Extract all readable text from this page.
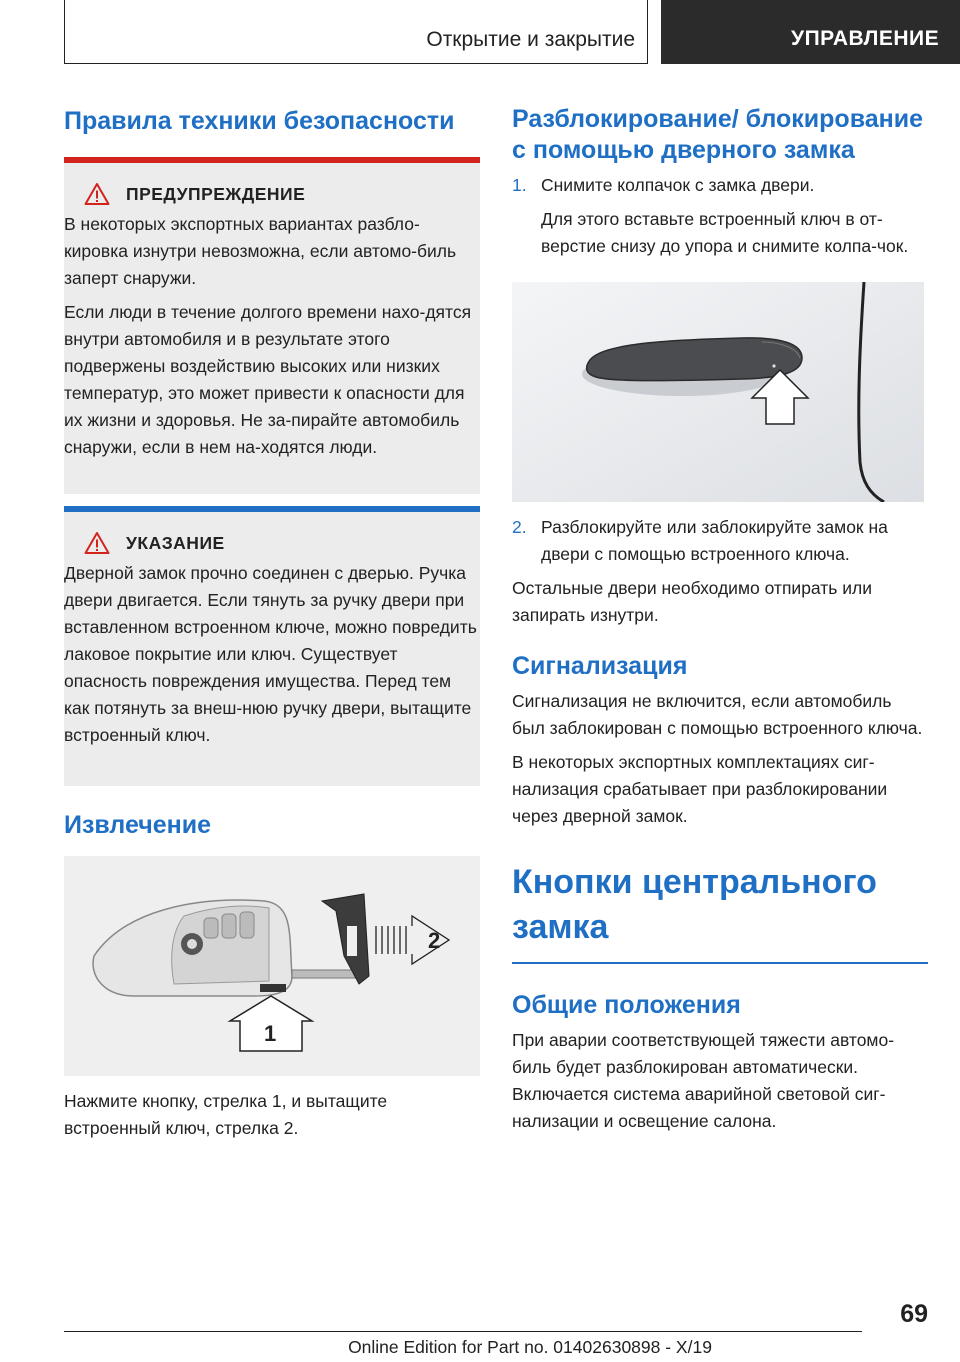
Открытие и закрытие	УПРАВЛЕНИЕ
Правила техники безопасности
ПРЕДУПРЕЖДЕНИЕ

В некоторых экспортных вариантах разбло-кировка изнутри невозможна, если автомо-биль заперт снаружи.

Если люди в течение долгого времени нахо-дятся внутри автомобиля и в результате этого подвержены воздействию высоких или низких температур, это может привести к опасности для их жизни и здоровья. Не за-пирайте автомобиль снаружи, если в нем на-ходятся люди.

УКАЗАНИЕ

Дверной замок прочно соединен с дверью. Ручка двери двигается. Если тянуть за ручку двери при вставленном встроенном ключе, можно повредить лаковое покрытие или ключ. Существует опасность повреждения имущества. Перед тем как потянуть за внеш-нюю ручку двери, вытащите встроенный ключ.

Извлечение
2
1

Нажмите кнопку, стрелка 1, и вытащите встроенный ключ, стрелка 2.

Разблокирование/ блокирование с помощью дверного замка
1. Снимите колпачок с замка двери.

Для этого вставьте встроенный ключ в от-верстие снизу до упора и снимите колпа-чок.

2. Разблокируйте или заблокируйте замок на двери с помощью встроенного ключа.

Остальные двери необходимо отпирать или запирать изнутри.

Сигнализация

Сигнализация не включится, если автомобиль был заблокирован с помощью встроенного ключа.

В некоторых экспортных комплектациях сиг-нализация срабатывает при разблокировании через дверной замок.

Кнопки центрального замка
Общие положения

При аварии соответствующей тяжести автомо-биль будет разблокирован автоматически. Включается система аварийной световой сиг-нализации и освещение салона.

69
Online Edition for Part no. 01402630898 - X/19
